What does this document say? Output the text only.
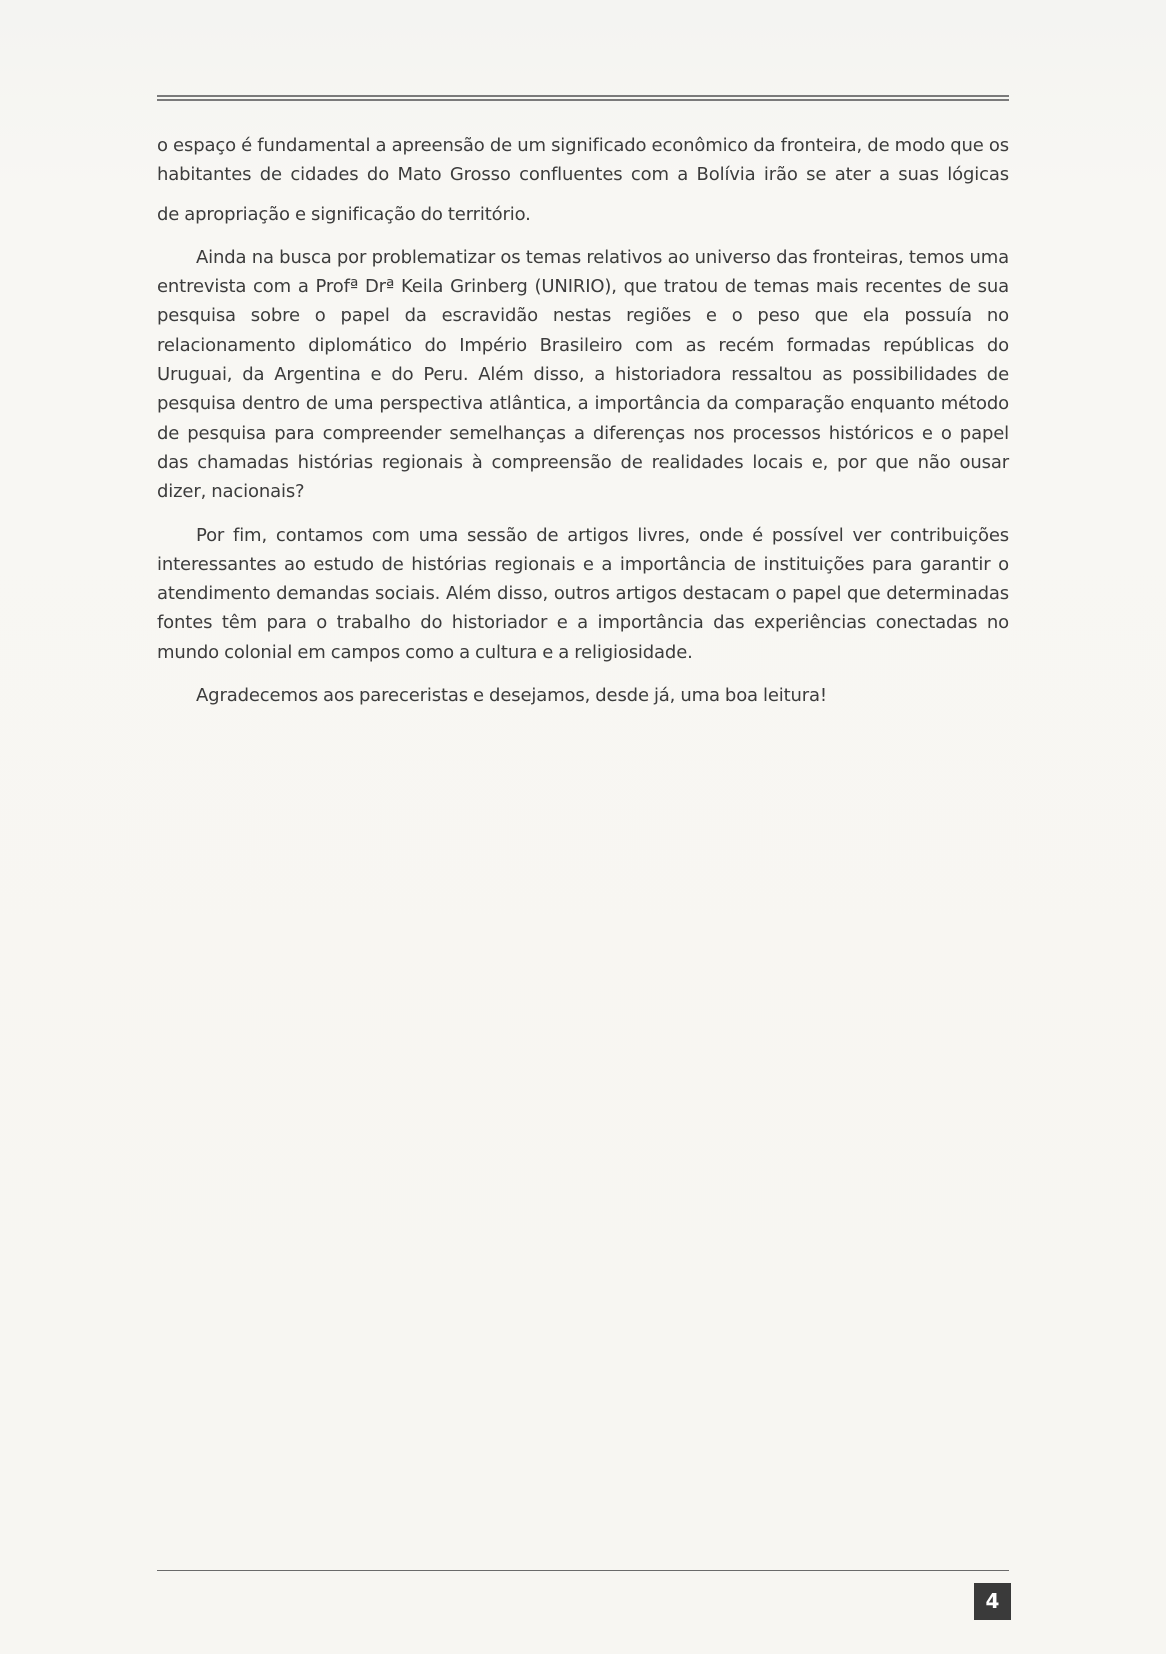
o espaço é fundamental a apreensão de um significado econômico da fronteira, de modo que os habitantes de cidades do Mato Grosso confluentes com a Bolívia irão se ater a suas lógicas de apropriação e significação do território.

Ainda na busca por problematizar os temas relativos ao universo das fronteiras, temos uma entrevista com a Profª Drª Keila Grinberg (UNIRIO), que tratou de temas mais recentes de sua pesquisa sobre o papel da escravidão nestas regiões e o peso que ela possuía no relacionamento diplomático do Império Brasileiro com as recém formadas repúblicas do Uruguai, da Argentina e do Peru. Além disso, a historiadora ressaltou as possibilidades de pesquisa dentro de uma perspectiva atlântica, a importância da comparação enquanto método de pesquisa para compreender semelhanças a diferenças nos processos históricos e o papel das chamadas histórias regionais à compreensão de realidades locais e, por que não ousar dizer, nacionais?

Por fim, contamos com uma sessão de artigos livres, onde é possível ver contribuições interessantes ao estudo de histórias regionais e a importância de instituições para garantir o atendimento demandas sociais. Além disso, outros artigos destacam o papel que determinadas fontes têm para o trabalho do historiador e a importância das experiências conectadas no mundo colonial em campos como a cultura e a religiosidade.

Agradecemos aos pareceristas e desejamos, desde já, uma boa leitura!

4
